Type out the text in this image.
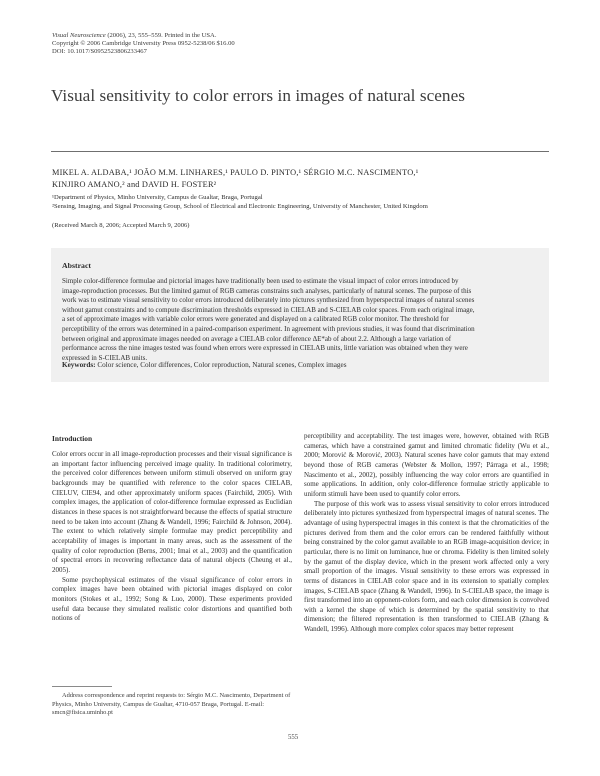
Visual Neuroscience (2006), 23, 555–559. Printed in the USA.
Copyright © 2006 Cambridge University Press 0952-5238/06 $16.00
DOI: 10.1017/S0952523806233467
Visual sensitivity to color errors in images of natural scenes
MIKEL A. ALDABA,¹ JOÃO M.M. LINHARES,¹ PAULO D. PINTO,¹ SÉRGIO M.C. NASCIMENTO,¹
KINJIRO AMANO,² and DAVID H. FOSTER²
¹Department of Physics, Minho University, Campus de Gualtar, Braga, Portugal
²Sensing, Imaging, and Signal Processing Group, School of Electrical and Electronic Engineering, University of Manchester, United Kingdom
(Received March 8, 2006; Accepted March 9, 2006)
Abstract
Simple color-difference formulae and pictorial images have traditionally been used to estimate the visual impact of color errors introduced by image-reproduction processes. But the limited gamut of RGB cameras constrains such analyses, particularly of natural scenes. The purpose of this work was to estimate visual sensitivity to color errors introduced deliberately into pictures synthesized from hyperspectral images of natural scenes without gamut constraints and to compute discrimination thresholds expressed in CIELAB and S-CIELAB color spaces. From each original image, a set of approximate images with variable color errors were generated and displayed on a calibrated RGB color monitor. The threshold for perceptibility of the errors was determined in a paired-comparison experiment. In agreement with previous studies, it was found that discrimination between original and approximate images needed on average a CIELAB color difference ΔE*ab of about 2.2. Although a large variation of performance across the nine images tested was found when errors were expressed in CIELAB units, little variation was obtained when they were expressed in S-CIELAB units.
Keywords: Color science, Color differences, Color reproduction, Natural scenes, Complex images
Introduction

Color errors occur in all image-reproduction processes and their visual significance is an important factor influencing perceived image quality. In traditional colorimetry, the perceived color differences between uniform stimuli observed on uniform gray backgrounds may be quantified with reference to the color spaces CIELAB, CIELUV, CIE94, and other approximately uniform spaces (Fairchild, 2005). With complex images, the application of color-difference formulae expressed as Euclidian distances in these spaces is not straightforward because the effects of spatial structure need to be taken into account (Zhang & Wandell, 1996; Fairchild & Johnson, 2004). The extent to which relatively simple formulae may predict perceptibility and acceptability of images is important in many areas, such as the assessment of the quality of color reproduction (Berns, 2001; Imai et al., 2003) and the quantification of spectral errors in recovering reflectance data of natural objects (Cheung et al., 2005).

Some psychophysical estimates of the visual significance of color errors in complex images have been obtained with pictorial images displayed on color monitors (Stokes et al., 1992; Song & Luo, 2000). These experiments provided useful data because they simulated realistic color distortions and quantified both notions of

perceptibility and acceptability. The test images were, however, obtained with RGB cameras, which have a constrained gamut and limited chromatic fidelity (Wu et al., 2000; Morović & Morović, 2003). Natural scenes have color gamuts that may extend beyond those of RGB cameras (Webster & Mollon, 1997; Párraga et al., 1998; Nascimento et al., 2002), possibly influencing the way color errors are quantified in some applications. In addition, only color-difference formulae strictly applicable to uniform stimuli have been used to quantify color errors.

The purpose of this work was to assess visual sensitivity to color errors introduced deliberately into pictures synthesized from hyperspectral images of natural scenes. The advantage of using hyperspectral images in this context is that the chromaticities of the pictures derived from them and the color errors can be rendered faithfully without being constrained by the color gamut available to an RGB image-acquisition device; in particular, there is no limit on luminance, hue or chroma. Fidelity is then limited solely by the gamut of the display device, which in the present work affected only a very small proportion of the images. Visual sensitivity to these errors was expressed in terms of distances in CIELAB color space and in its extension to spatially complex images, S-CIELAB space (Zhang & Wandell, 1996). In S-CIELAB space, the image is first transformed into an opponent-colors form, and each color dimension is convolved with a kernel the shape of which is determined by the spatial sensitivity to that dimension; the filtered representation is then transformed to CIELAB (Zhang & Wandell, 1996). Although more complex color spaces may better represent

Address correspondence and reprint requests to: Sérgio M.C. Nascimento, Department of Physics, Minho University, Campus de Gualtar, 4710-057 Braga, Portugal. E-mail: smcn@fisica.uminho.pt
555
